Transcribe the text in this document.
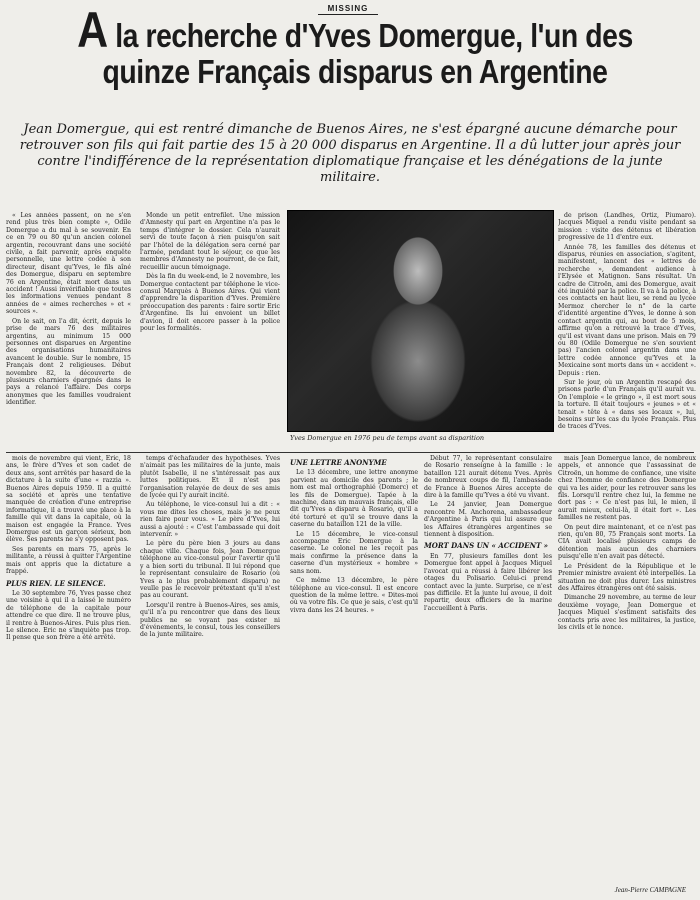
MISSING
A la recherche d'Yves Domergue, l'un des
quinze Français disparus en Argentine

Jean Domergue, qui est rentré dimanche de Buenos Aires, ne s'est épargné aucune démarche pour retrouver son fils qui fait partie des 15 à 20 000 disparus en Argentine. Il a dû lutter jour après jour contre l'indifférence de la représentation diplomatique française et les dénégations de la junte militaire.

« Les années passent, on ne s'en rend plus très bien compte », Odile Domergue a du mal à se souvenir. En ce en 79 ou 80 qu'un ancien colonel argentin, recouvrant dans une société civile, a fait parvenir, après enquête personnelle, une lettre codée à son directeur, disant qu'Yves, le fils aîné des Domergue, disparu en septembre 76 en Argentine, était mort dans un accident ! Aussi invérifiable que toutes les informations venues pendant 8 années de « aimes recherches » et « sources ».

On le sait, on l'a dit, écrit, depuis le prise de mars 76 des militaires argentins, au minimum 15 000 personnes ont disparues en Argentine des organisations humanitaires avancent le double. Sur le nombre, 15 Français dont 2 religieuses. Début novembre 82, la découverte de plusieurs charniers épargnés dans le pays a relancé l'affaire. Des corps anonymes que les familles voudraient identifier.

Monde un petit entrefilet. Une mission d'Amnesty qui part en Argentine n'a pas le temps d'intégrer le dossier. Cela n'aurait servi de toute façon à rien puisqu'on sait par l'hôtel de la délégation sera cerné par l'armée, pendant tout le séjour, ce que les membres d'Amnesty ne pourront, de ce fait, recueillir aucun témoignage.

Dès la fin du week-end, le 2 novembre, les Domergue contactent par téléphone le vice-consul Marquès à Buenos Aires. Qui vient d'apprendre la disparition d'Yves. Première préoccupation des parents : faire sortir Eric d'Argentine. Ils lui envoient un billet d'avion, il doit encore passer à la police pour les formalités.

Yves Domergue en 1976 peu de temps avant sa disparition

de prison (Landhes, Ortiz, Piumaro). Jacques Miquel a rendu visite pendant sa mission : visite des détenus et libération progressive de 11 d'entre eux.

Année 78, les familles des détenus et disparus, réunies en association, s'agitent, manifestent, lancent des « lettres de recherche », demandent audience à l'Elysée et Matignon. Sans résultat. Un cadre de Citroën, ami des Domergue, avait été inquiété par la police. Il va à la police, à ces contacts en haut lieu, se rend au lycée Mermoz chercher le n° de la carte d'identité argentine d'Yves, le donne à son contact argentin qui, au bout de 5 mois, affirme qu'on a retrouvé la trace d'Yves, qu'il est vivant dans une prison. Mais en 79 ou 80 (Odile Domergue ne s'en souvient pas) l'ancien colonel argentin dans une lettre codée annonce qu'Yves et la Mexicaine sont morts dans un « accident ». Depuis : rien.

Sur le jour, où un Argentin rescapé des prisons parle d'un Français qu'il aurait vu. On l'emploie « le gringo », il est mort sous la torture. Il était toujours « jeunes » et « tenait » tête à « dans ses locaux », lui, besoins sur les cas du lycée Français. Plus de traces d'Yves.

mois de novembre qui vient, Eric, 18 ans, le frère d'Yves et son cadet de deux ans, sont arrêtés par hasard de la dictature à la suite d'une « razzia ». Buenos Aires depuis 1959. Il a quitté sa société et après une tentative manquée de création d'une entreprise informatique, il a trouvé une place à la famille qui vit dans la capitale, où la maison est engagée la France. Yves Domergue est un garçon sérieux, bon élève. Ses parents ne s'y opposent pas.

Ses parents en mars 75, après le militante, a réussi à quitter l'Argentine mais ont appris que la dictature a frappé.

PLUS RIEN. LE SILENCE.

Le 30 septembre 76, Yves passe chez une voisine à qui il a laissé le numéro de téléphone de la capitale pour attendre ce que dire. Il ne trouve plus, il rentre à Buenos-Aires. Puis plus rien. Le silence. Eric ne s'inquiète pas trop. Il pense que son frère a été arrêté.

temps d'échafauder des hypothèses. Yves n'aimait pas les militaires de la junte, mais plutôt Isabelle, il ne s'intéressait pas aux luttes politiques. Et il n'est pas l'organisation relayée de deux de ses amis de lycée qui l'y aurait incité.

Au téléphone, le vice-consul lui a dit : « vous me dites les choses, mais je ne peux rien faire pour vous. » Le père d'Yves, lui aussi a ajouté : « C'est l'ambassade qui doit intervenir. »

Le père du père bien 3 jours au dans chaque ville. Chaque fois, Jean Domergue téléphone au vice-consul pour l'avertir qu'il y a bien sorti du tribunal. Il lui répond que le représentant consulaire de Rosario (où Yves a le plus probablement disparu) ne veulle pas le recevoir prétextant qu'il n'est pas au courant.

Lorsqu'il rentre à Buenos-Aires, ses amis, qu'il n'a pu rencontrer que dans des lieux publics ne se voyant pas exister ni d'événements, le consul, tous les conseillers de la junte militaire.

UNE LETTRE ANONYME

Le 13 décembre, une lettre anonyme parvient au domicile des parents ; le nom est mal orthographié (Domerc) et les fils de Domergue). Tapée à la machine, dans un mauvais français, elle dit qu'Yves a disparu à Rosario, qu'il a été torturé et qu'il se trouve dans la caserne du bataillon 121 de la ville.

Le 15 décembre, le vice-consul accompagne Eric Domergue à la caserne. Le colonel ne les reçoit pas mais confirme la présence dans la caserne d'un mystérieux « hombre » sans nom.

Ce même 13 décembre, le père téléphone au vice-consul. Il est encore question de la même lettre. « Dites-moi où va votre fils. Ce que je sais, c'est qu'il vivra dans les 24 heures. »

Début 77, le représentant consulaire de Rosario renseigne à la famille : le bataillon 121 aurait détenu Yves. Après de nombreux coups de fil, l'ambassade de France à Buenos Aires accepte de dire à la famille qu'Yves a été vu vivant.

Le 24 janvier, Jean Domergue rencontre M. Anchorena, ambassadeur d'Argentine à Paris qui lui assure que les Affaires étrangères argentines se tiennent à disposition.

MORT DANS UN « ACCIDENT »

En 77, plusieurs familles dont les Domergue font appel à Jacques Miquel l'avocat qui a réussi à faire libérer les otages du Polisario. Celui-ci prend contact avec la junte. Surprise, ce n'est pas difficile. Et la junte lui avoue, il doit repartir, deux officiers de la marine l'accueillent à Paris.

mais Jean Domergue lance, de nombreux appels, et annonce que l'assassinat de Citroën, un homme de confiance, une visite chez l'homme de confiance des Domergue qui va les aider, pour les retrouver sans les fils. Lorsqu'il rentre chez lui, la femme ne dort pas : « Ce n'est pas lui, le mien, il aurait mieux, celui-là, il était fort ». Les familles ne restent pas.

On peut dire maintenant, et ce n'est pas rien, qu'en 80, 75 Français sont morts. La CIA avait localisé plusieurs camps de détention mais aucun des charniers puisqu'elle n'en avait pas détecté.

Le Président de la République et le Premier ministre avaient été interpellés. La situation ne doit plus durer. Les ministres des Affaires étrangères ont été saisis.

Dimanche 29 novembre, au terme de leur deuxième voyage, Jean Domergue et Jacques Miquel s'estiment satisfaits des contacts pris avec les militaires, la justice, les civils et le nonce.

Jean-Pierre CAMPAGNE
